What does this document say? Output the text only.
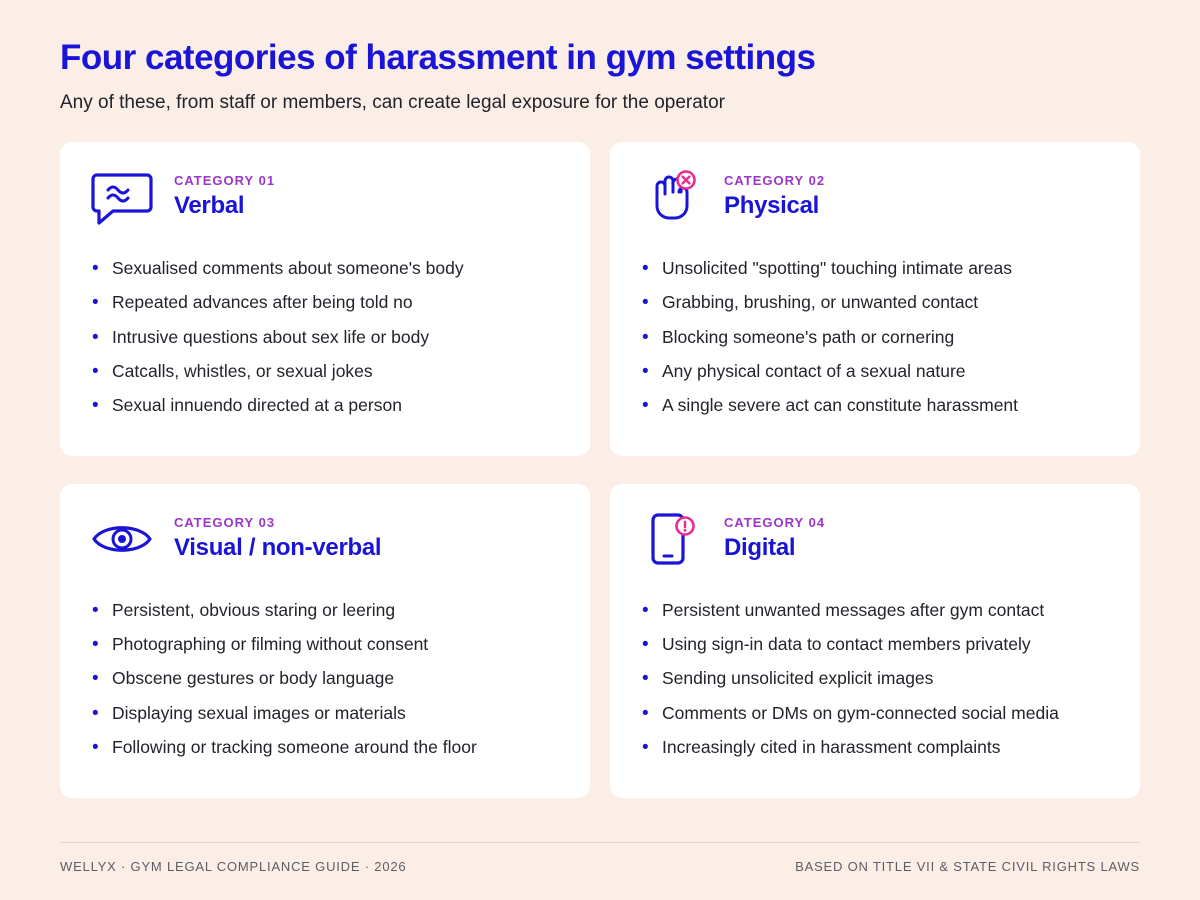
Four categories of harassment in gym settings

Any of these, from staff or members, can create legal exposure for the operator

CATEGORY 01
Verbal
• Sexualised comments about someone's body
• Repeated advances after being told no
• Intrusive questions about sex life or body
• Catcalls, whistles, or sexual jokes
• Sexual innuendo directed at a person
CATEGORY 02
Physical
• Unsolicited "spotting" touching intimate areas
• Grabbing, brushing, or unwanted contact
• Blocking someone's path or cornering
• Any physical contact of a sexual nature
• A single severe act can constitute harassment
CATEGORY 03
Visual / non-verbal
• Persistent, obvious staring or leering
• Photographing or filming without consent
• Obscene gestures or body language
• Displaying sexual images or materials
• Following or tracking someone around the floor
CATEGORY 04
Digital
• Persistent unwanted messages after gym contact
• Using sign-in data to contact members privately
• Sending unsolicited explicit images
• Comments or DMs on gym-connected social media
• Increasingly cited in harassment complaints
WELLYX · GYM LEGAL COMPLIANCE GUIDE · 2026	BASED ON TITLE VII & STATE CIVIL RIGHTS LAWS
